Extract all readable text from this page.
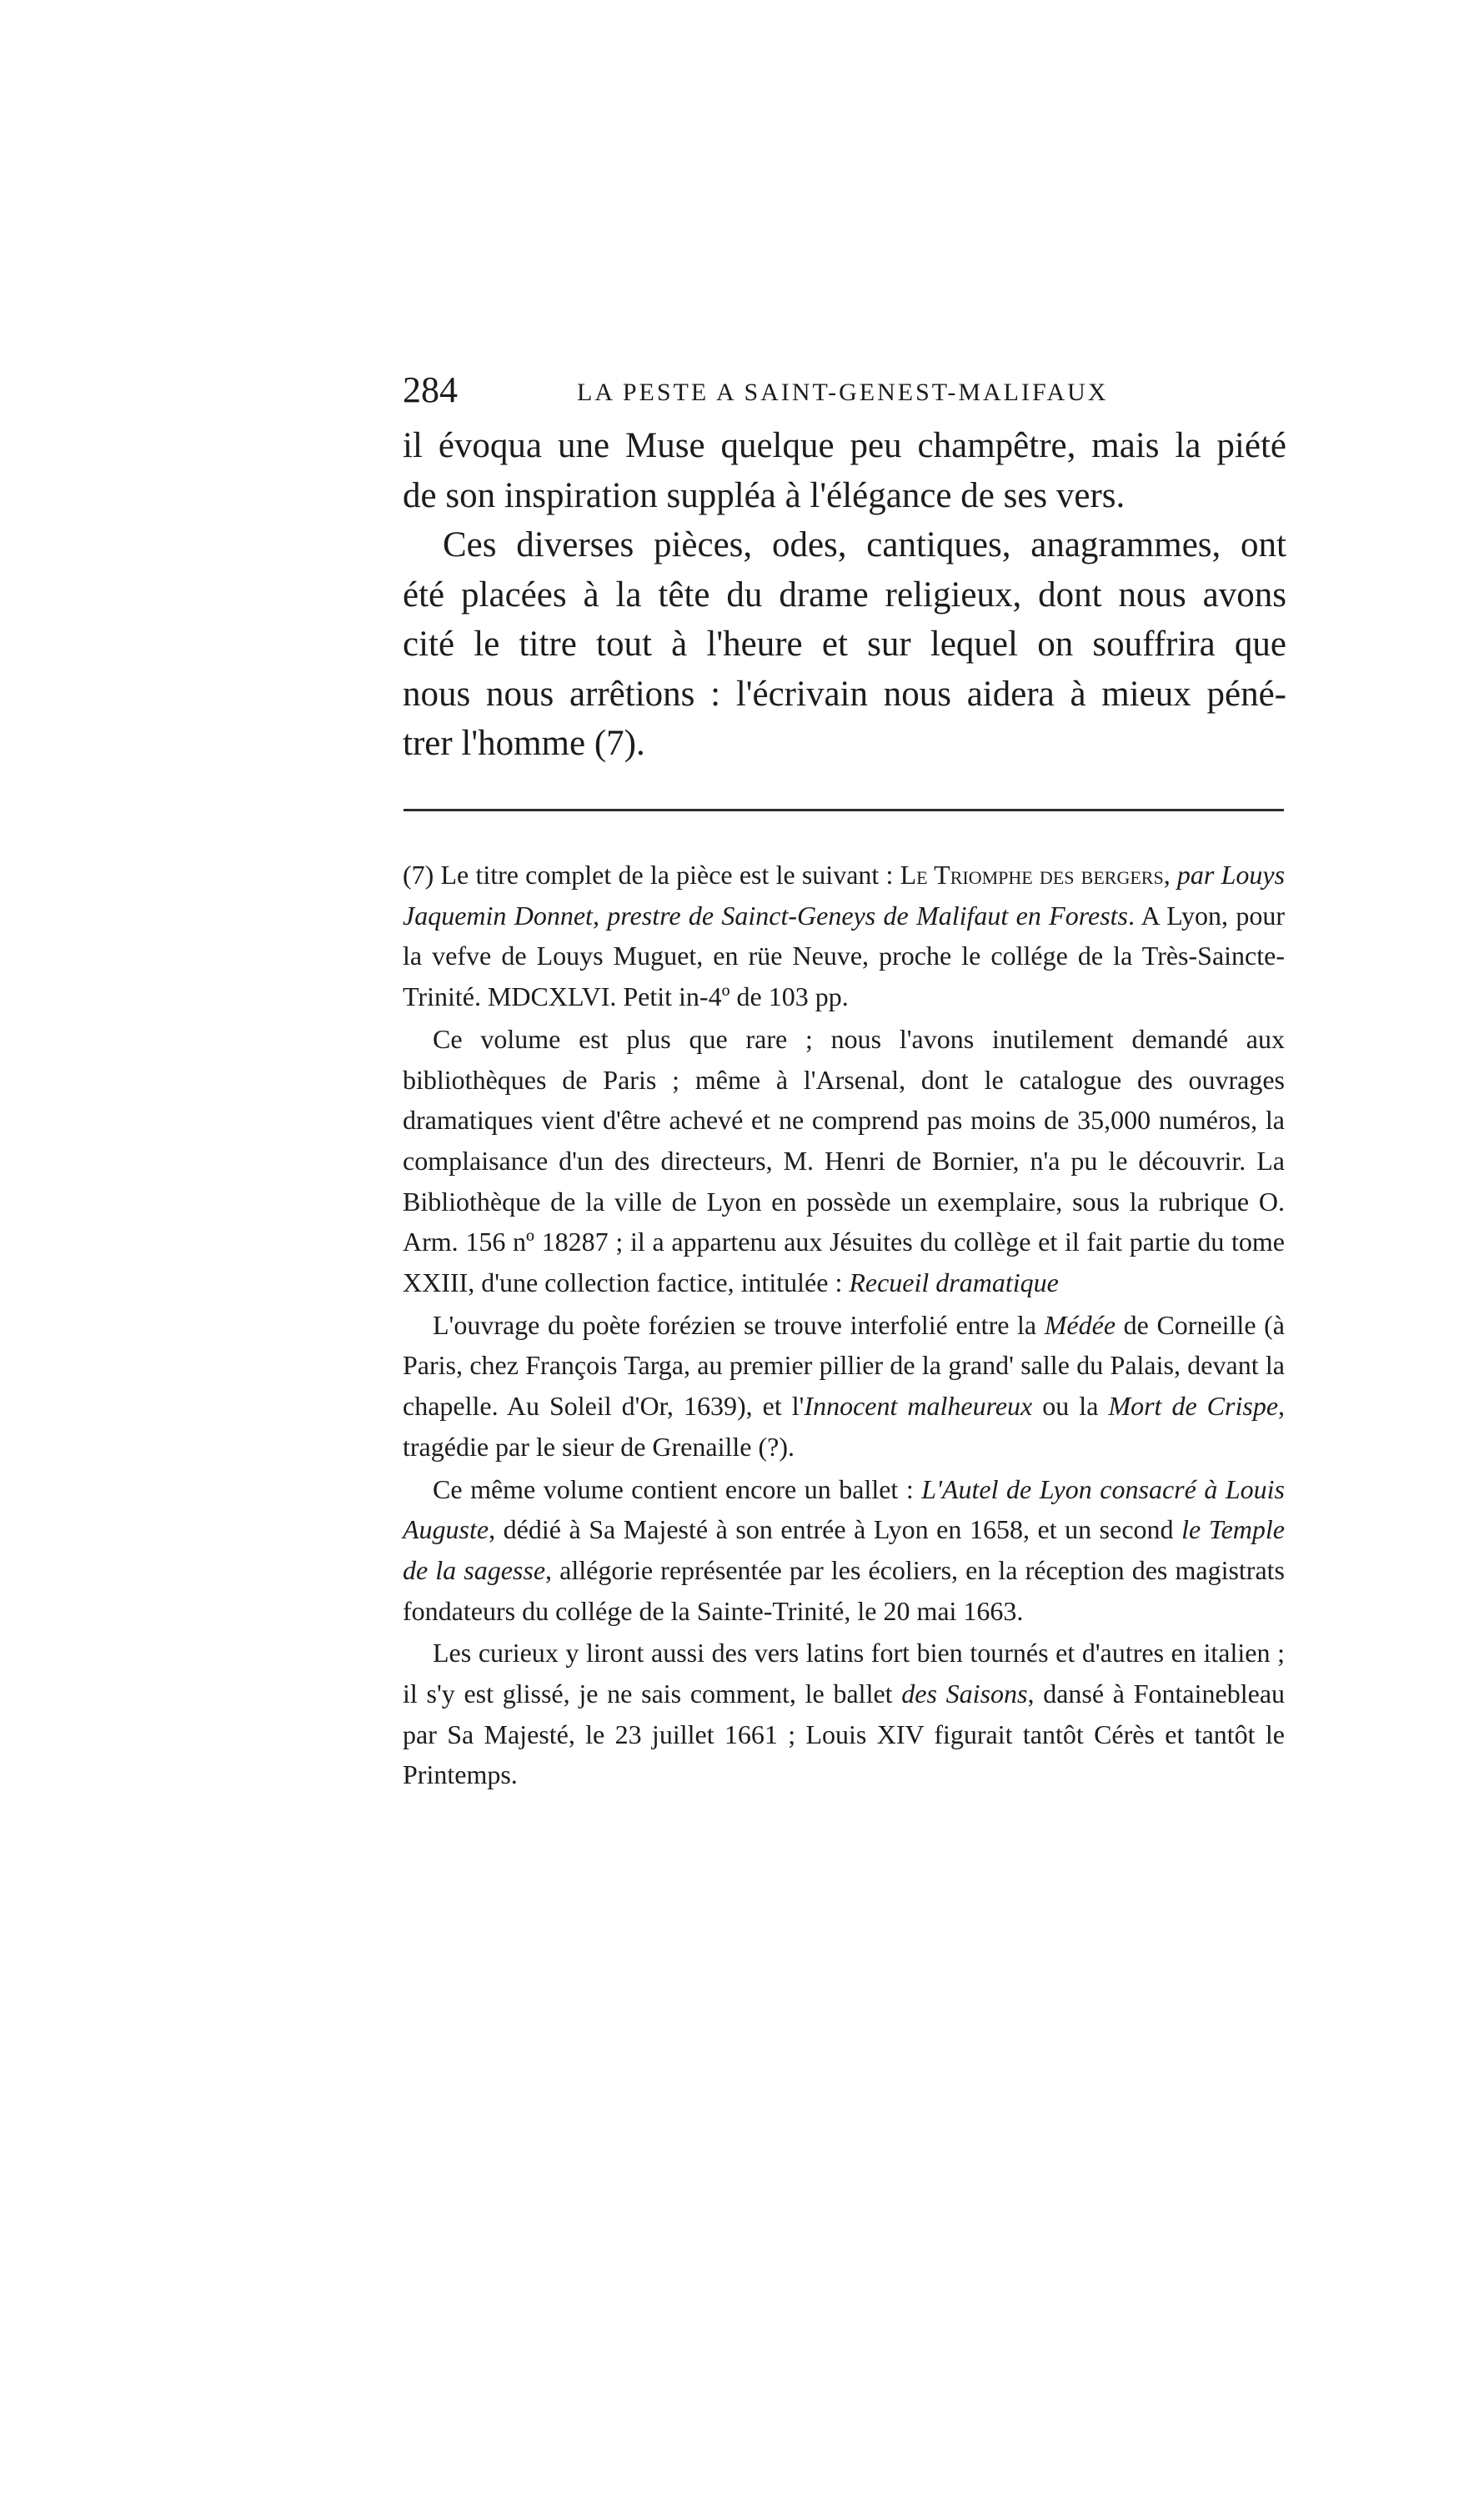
284	LA PESTE A SAINT-GENEST-MALIFAUX
il évoqua une Muse quelque peu champêtre, mais la piété
de son inspiration suppléa à l'élégance de ses vers.
Ces diverses pièces, odes, cantiques, anagrammes, ont
été placées à la tête du drame religieux, dont nous avons
cité le titre tout à l'heure et sur lequel on souffrira que
nous nous arrêtions : l'écrivain nous aidera à mieux péné-
trer l'homme (7).

(7) Le titre complet de la pièce est le suivant : Le Triomphe des bergers, par Louys Jaquemin Donnet, prestre de Sainct-Geneys de Malifaut en Forests. A Lyon, pour la vefve de Louys Muguet, en rüe Neuve, proche le collége de la Très-Saincte-Trinité. MDCXLVI. Petit in-4º de 103 pp.

Ce volume est plus que rare ; nous l'avons inutilement demandé aux bibliothèques de Paris ; même à l'Arsenal, dont le catalogue des ouvrages dramatiques vient d'être achevé et ne comprend pas moins de 35,000 numéros, la complaisance d'un des directeurs, M. Henri de Bornier, n'a pu le découvrir. La Bibliothèque de la ville de Lyon en possède un exemplaire, sous la rubrique O. Arm. 156 nº 18287 ; il a appartenu aux Jésuites du collège et il fait partie du tome XXIII, d'une collection factice, intitulée : Recueil dramatique

L'ouvrage du poète forézien se trouve interfolié entre la Médée de Corneille (à Paris, chez François Targa, au premier pillier de la grand' salle du Palais, devant la chapelle. Au Soleil d'Or, 1639), et l'Innocent malheureux ou la Mort de Crispe, tragédie par le sieur de Grenaille (?).

Ce même volume contient encore un ballet : L'Autel de Lyon consacré à Louis Auguste, dédié à Sa Majesté à son entrée à Lyon en 1658, et un second le Temple de la sagesse, allégorie représentée par les écoliers, en la réception des magistrats fondateurs du collége de la Sainte-Trinité, le 20 mai 1663.

Les curieux y liront aussi des vers latins fort bien tournés et d'autres en italien ; il s'y est glissé, je ne sais comment, le ballet des Saisons, dansé à Fontainebleau par Sa Majesté, le 23 juillet 1661 ; Louis XIV figurait tantôt Cérès et tantôt le Printemps.
